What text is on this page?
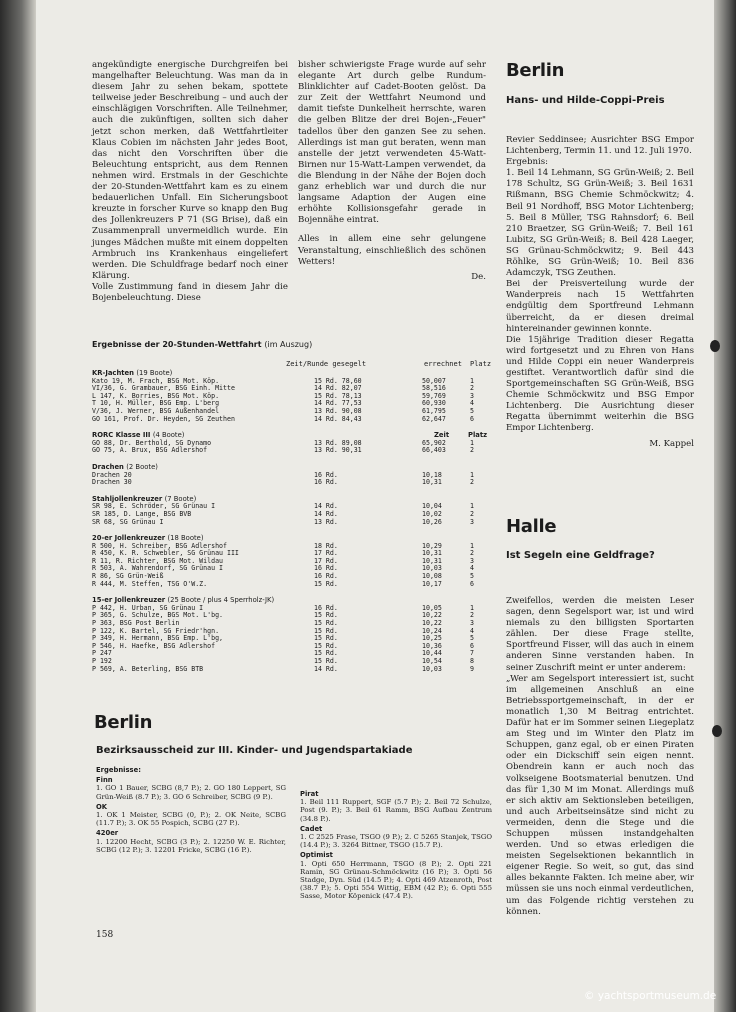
angekündigte energische Durchgreifen bei mangelhafter Beleuchtung. Was man da in diesem Jahr zu sehen bekam, spottete teilweise jeder Beschreibung – und auch der einschlägigen Vorschriften. Alle Teilnehmer, auch die zukünftigen, sollten sich daher jetzt schon merken, daß Wettfahrtleiter Klaus Cobien im nächsten Jahr jedes Boot, das nicht den Vorschriften über die Beleuchtung entspricht, aus dem Rennen nehmen wird. Erstmals in der Geschichte der 20-Stunden-Wettfahrt kam es zu einem bedauerlichen Unfall. Ein Sicherungsboot kreuzte in forscher Kurve so knapp den Bug des Jollenkreuzers P 71 (SG Brise), daß ein Zusammenprall unvermeidlich wurde. Ein junges Mädchen mußte mit einem doppelten Armbruch ins Krankenhaus eingeliefert werden. Die Schuldfrage bedarf noch einer Klärung.

Volle Zustimmung fand in diesem Jahr die Bojenbeleuchtung. Diese

bisher schwierigste Frage wurde auf sehr elegante Art durch gelbe Rundum-Blinklichter auf Cadet-Booten gelöst. Da zur Zeit der Wettfahrt Neumond und damit tiefste Dunkelheit herrschte, waren die gelben Blitze der drei Bojen-„Feuer" tadellos über den ganzen See zu sehen. Allerdings ist man gut beraten, wenn man anstelle der jetzt verwendeten 45-Watt-Birnen nur 15-Watt-Lampen verwendet, da die Blendung in der Nähe der Bojen doch ganz erheblich war und durch die nur langsame Adaption der Augen eine erhöhte Kollisionsgefahr gerade in Bojennähe eintrat.

Alles in allem eine sehr gelungene Veranstaltung, einschließlich des schönen Wetters!

De.

Ergebnisse der 20-Stunden-Wettfahrt (im Auszug)
Zeit/Runde gesegelt	errechnet Platz
KR-Jachten (19 Boote)
Kato 19, M. Frach, BSG Mot. Köp.	15 Rd. 78,60	50,007	1
VI/36, G. Grambauer, BSG Einh. Mitte	14 Rd. 82,07	58,516	2
L 147, K. Borries, BSG Mot. Köp.	15 Rd. 78,13	59,769	3
T 10, H. Müller, BSG Emp. L'berg	14 Rd. 77,53	60,930	4
V/36, J. Werner, BSG Außenhandel	13 Rd. 90,08	61,795	5
GO 161, Prof. Dr. Heyden, SG Zeuthen	14 Rd. 84,43	62,647	6
RORC Klasse III (4 Boote)	Zeit	Platz
GO 88, Dr. Berthold, SG Dynamo	13 Rd. 89,08	65,902	1
GO 75, A. Brux, BSG Adlershof	13 Rd. 90,31	66,403	2
Drachen (2 Boote)
Drachen 20	16 Rd.	10,18	1
Drachen 30	16 Rd.	10,31	2
Stahljollenkreuzer (7 Boote)
SR 98, E. Schröder, SG Grünau I	14 Rd.	10,04	1
SR 185, D. Lange, BSG BVB	14 Rd.	10,02	2
SR 68, SG Grünau I	13 Rd.	10,26	3
20-er Jollenkreuzer (18 Boote)
R 500, H. Schreiber, BSG Adlershof	18 Rd.	10,29	1
R 450, K. R. Schwebler, SG Grünau III	17 Rd.	10,31	2
R 11, R. Richter, BSG Mot. Wildau	17 Rd.	10,31	3
R 503, A. Wahrendorf, SG Grünau I	16 Rd.	10,03	4
R 86, SG Grün-Weiß	16 Rd.	10,08	5
R 444, M. Steffen, TSG O'W.Z.	15 Rd.	10,17	6
15-er Jollenkreuzer (25 Boote / plus 4 Sperrholz-JK)
P 442, H. Urban, SG Grünau I	16 Rd.	10,05	1
P 365, G. Schulze, BGS Mot. L'bg.	15 Rd.	10,22	2
P 363, BSG Post Berlin	15 Rd.	10,22	3
P 122, K. Bartel, SG Friedr'hgn.	15 Rd.	10,24	4
P 349, H. Hermann, BSG Emp. L'bg,	15 Rd.	10,25	5
P 546, H. Haefke, BSG Adlershof	15 Rd.	10,36	6
P 247	15 Rd.	10,44	7
P 192	15 Rd.	10,54	8
P 569, A. Beterling, BSG BTB	14 Rd.	10,03	9
Berlin
Bezirksausscheid zur III. Kinder- und Jugendspartakiade

Ergebnisse:

Finn
1. GO 1 Bauer, SCBG (8,7 P.); 2. GO 180 Leppert, SG Grün-Weiß (8.7 P.); 3. GO 6 Schreiber, SCBG (9 P.).

OK
1. OK 1 Meister, SCBG (0, P.); 2. OK Neite, SCBG (11.7 P.); 3. OK 55 Pospich, SCBG (27 P.).

420er
1. 12200 Hecht, SCBG (3 P.); 2. 12250 W. E. Richter, SCBG (12 P.); 3. 12201 Fricke, SCBG (16 P.).

Pirat
1. Beil 111 Ruppert, SGF (5.7 P.); 2. Beil 72 Schulze, Post (9. P.); 3. Beil 61 Ramm, BSG Aufbau Zentrum (34.8 P.).

Cadet
1. C 2525 Frase, TSGO (9 P.); 2. C 5265 Stanjek, TSGO (14.4 P.); 3. 3264 Bittner, TSGO (15.7 P.).

Optimist
1. Opti 650 Herrmann, TSGO (8 P.); 2. Opti 221 Ramin, SG Grünau-Schmöckwitz (16 P.); 3. Opti 56 Stadge, Dyn. Süd (14.5 P.); 4. Opti 469 Atzenroth, Post (38.7 P.); 5. Opti 554 Wittig, EBM (42 P.); 6. Opti 555 Sasse, Motor Köpenick (47.4 P.).

Berlin
Hans- und Hilde-Coppi-Preis

Revier Seddinsee; Ausrichter BSG Empor Lichtenberg, Termin 11. und 12. Juli 1970.

Ergebnis:

1. Beil 14 Lehmann, SG Grün-Weiß; 2. Beil 178 Schultz, SG Grün-Weiß; 3. Beil 1631 Rißmann, BSG Chemie Schmöckwitz; 4. Beil 91 Nordhoff, BSG Motor Lichtenberg; 5. Beil 8 Müller, TSG Rahnsdorf; 6. Beil 210 Braetzer, SG Grün-Weiß; 7. Beil 161 Lubitz, SG Grün-Weiß; 8. Beil 428 Laeger, SG Grünau-Schmöckwitz; 9. Beil 443 Röhlke, SG Grün-Weiß; 10. Beil 836 Adamczyk, TSG Zeuthen.

Bei der Preisverteilung wurde der Wanderpreis nach 15 Wettfahrten endgültig dem Sportfreund Lehmann überreicht, da er diesen dreimal hintereinander gewinnen konnte.

Die 15jährige Tradition dieser Regatta wird fortgesetzt und zu Ehren von Hans und Hilde Coppi ein neuer Wanderpreis gestiftet. Verantwortlich dafür sind die Sportgemeinschaften SG Grün-Weiß, BSG Chemie Schmöckwitz und BSG Empor Lichtenberg. Die Ausrichtung dieser Regatta übernimmt weiterhin die BSG Empor Lichtenberg.

M. Kappel

Halle
Ist Segeln eine Geldfrage?

Zweifellos, werden die meisten Leser sagen, denn Segelsport war, ist und wird niemals zu den billigsten Sportarten zählen. Der diese Frage stellte, Sportfreund Fisser, will das auch in einem anderen Sinne verstanden haben. In seiner Zuschrift meint er unter anderem:

„Wer am Segelsport interessiert ist, sucht im allgemeinen Anschluß an eine Betriebssportgemeinschaft, in der er monatlich 1,30 M Beitrag entrichtet. Dafür hat er im Sommer seinen Liegeplatz am Steg und im Winter den Platz im Schuppen, ganz egal, ob er einen Piraten oder ein Dickschiff sein eigen nennt. Obendrein kann er auch noch das volkseigene Bootsmaterial benutzen. Und das für 1,30 M im Monat. Allerdings muß er sich aktiv am Sektionsleben beteiligen, und auch Arbeitseinsätze sind nicht zu vermeiden, denn die Stege und die Schuppen müssen instandgehalten werden. Und so etwas erledigen die meisten Segelsektionen bekanntlich in eigener Regie. So weit, so gut, das sind alles bekannte Fakten. Ich meine aber, wir müssen sie uns noch einmal verdeutlichen, um das Folgende richtig verstehen zu können.

158
© yachtsportmuseum.de
